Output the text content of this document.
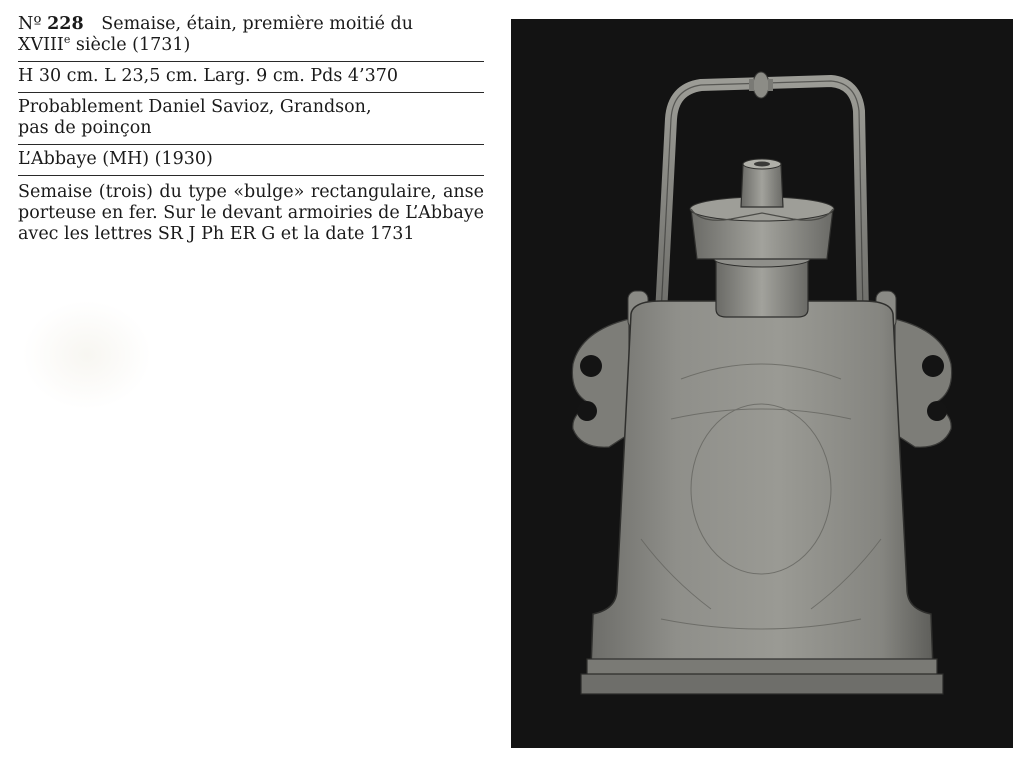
Nº 228 Semaise, étain, première moitié du
XVIIIe siècle (1731)
H 30 cm. L 23,5 cm. Larg. 9 cm. Pds 4’370
Probablement Daniel Savioz, Grandson,
pas de poinçon
L’Abbaye (MH) (1930)
Semaise (trois) du type «bulge» rectangulaire, anse porteuse en fer. Sur le devant armoiries de L’Abbaye avec les lettres SR J Ph ER G et la date 1731
